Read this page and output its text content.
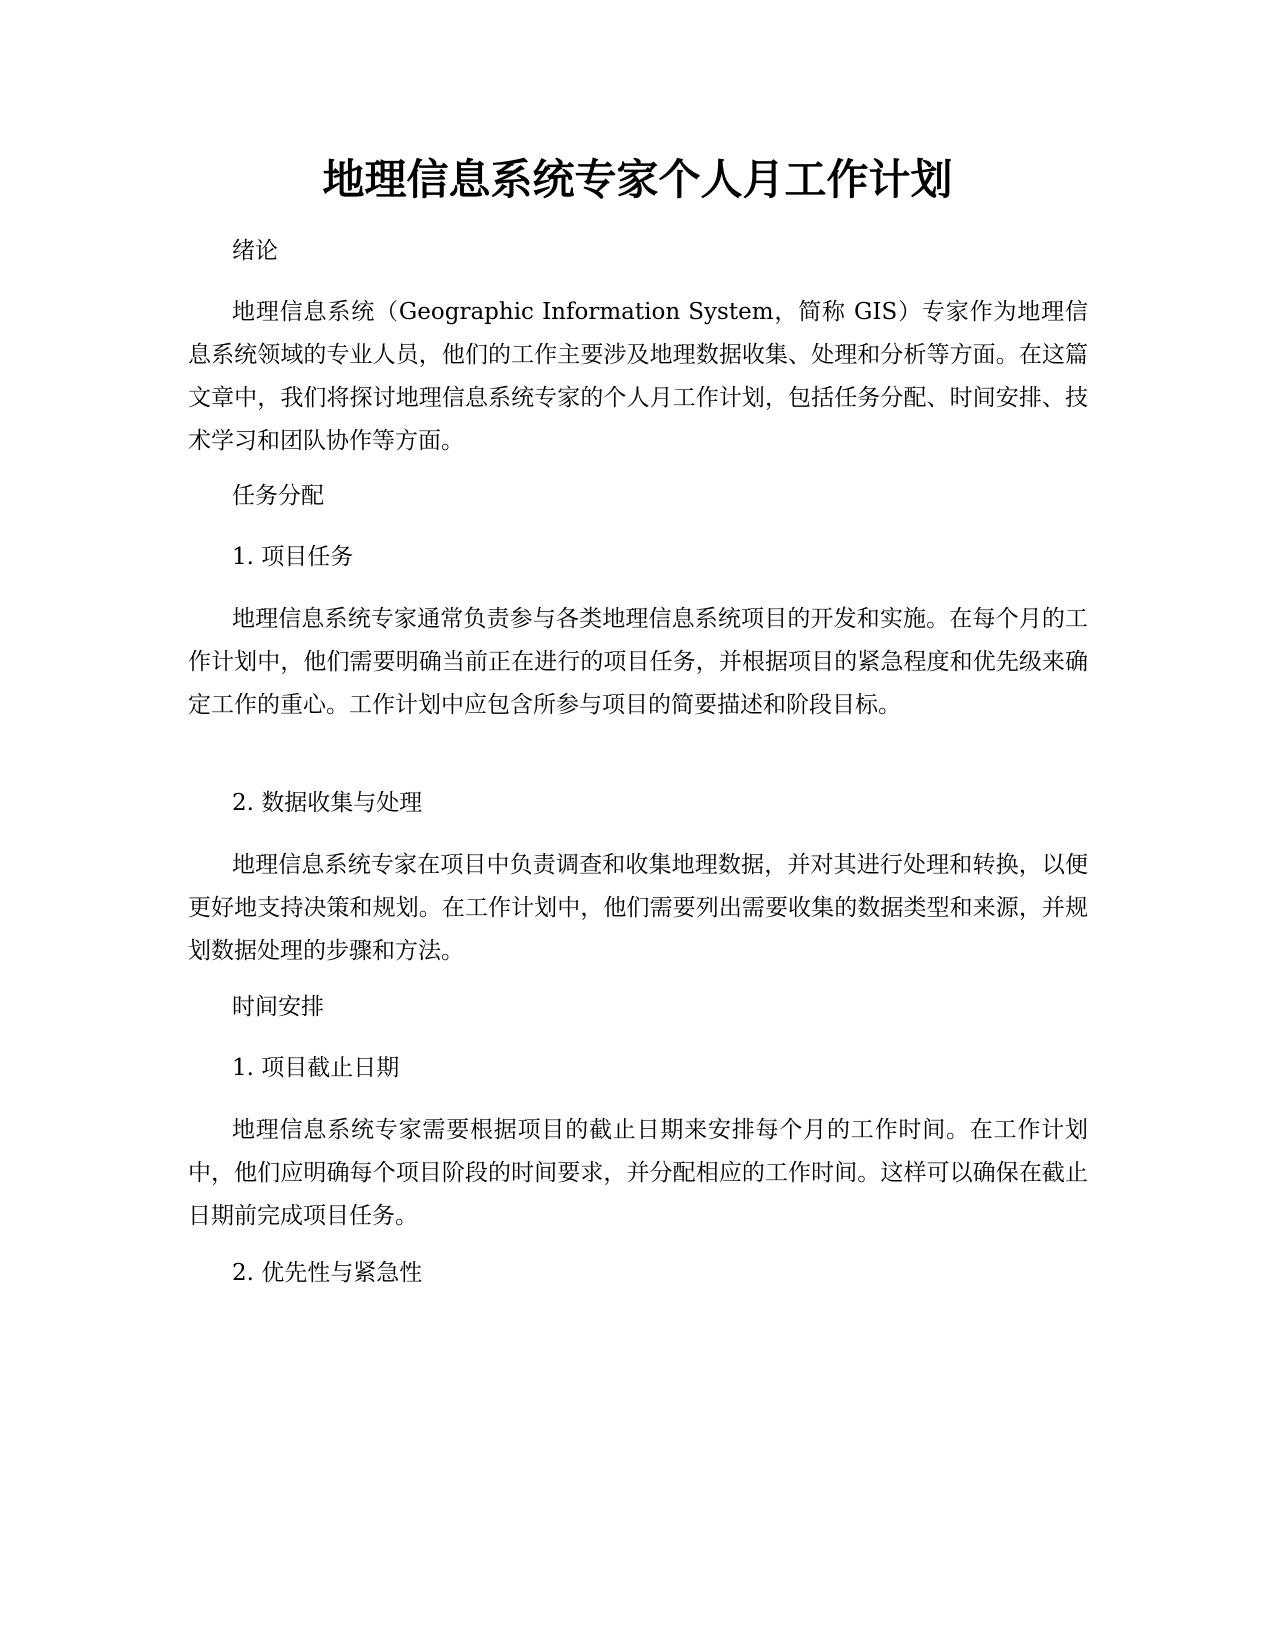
地理信息系统专家个人月工作计划

绪论

地理信息系统（Geographic Information System，简称 GIS）专家作为地理信息系统领域的专业人员，他们的工作主要涉及地理数据收集、处理和分析等方面。在这篇文章中，我们将探讨地理信息系统专家的个人月工作计划，包括任务分配、时间安排、技术学习和团队协作等方面。

任务分配

1. 项目任务

地理信息系统专家通常负责参与各类地理信息系统项目的开发和实施。在每个月的工作计划中，他们需要明确当前正在进行的项目任务，并根据项目的紧急程度和优先级来确定工作的重心。工作计划中应包含所参与项目的简要描述和阶段目标。

2. 数据收集与处理

地理信息系统专家在项目中负责调查和收集地理数据，并对其进行处理和转换，以便更好地支持决策和规划。在工作计划中，他们需要列出需要收集的数据类型和来源，并规划数据处理的步骤和方法。

时间安排

1. 项目截止日期

地理信息系统专家需要根据项目的截止日期来安排每个月的工作时间。在工作计划中，他们应明确每个项目阶段的时间要求，并分配相应的工作时间。这样可以确保在截止日期前完成项目任务。

2. 优先性与紧急性
